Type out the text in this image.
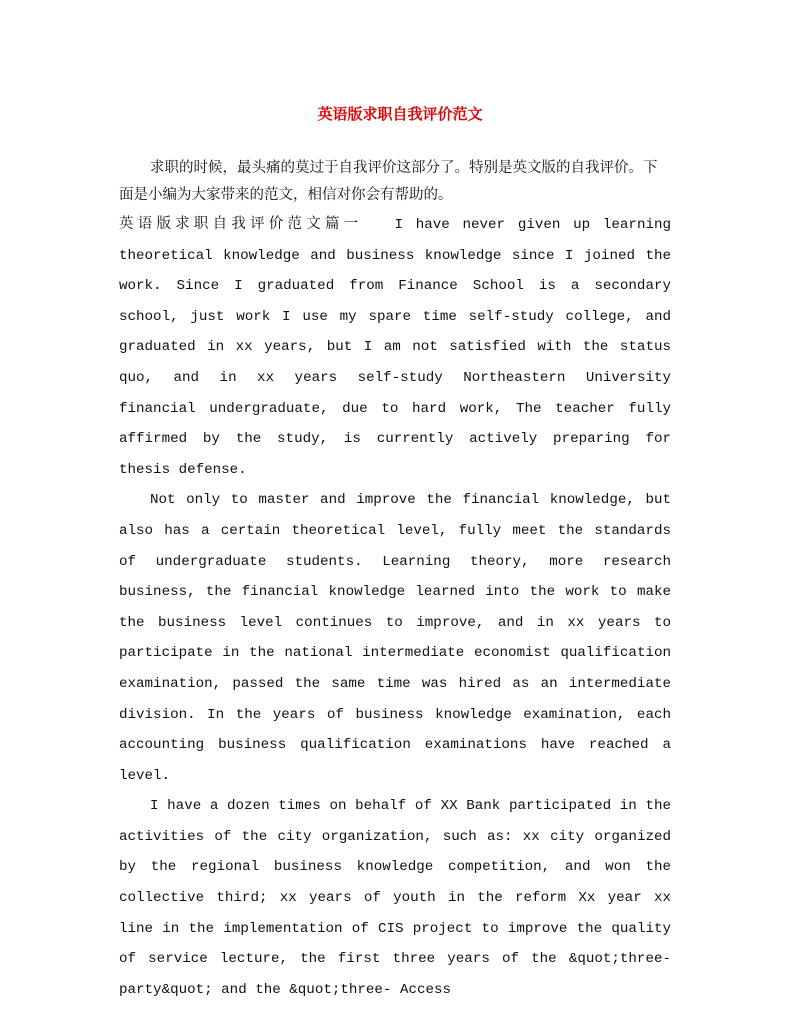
英语版求职自我评价范文

求职的时候，最头痛的莫过于自我评价这部分了。特别是英文版的自我评价。下面是小编为大家带来的范文，相信对你会有帮助的。

英语版求职自我评价范文篇一 I have never given up learning theoretical knowledge and business knowledge since I joined the work. Since I graduated from Finance School is a secondary school, just work I use my spare time self-study college, and graduated in xx years, but I am not satisfied with the status quo, and in xx years self-study Northeastern University financial undergraduate, due to hard work, The teacher fully affirmed by the study, is currently actively preparing for thesis defense.

Not only to master and improve the financial knowledge, but also has a certain theoretical level, fully meet the standards of undergraduate students. Learning theory, more research business, the financial knowledge learned into the work to make the business level continues to improve, and in xx years to participate in the national intermediate economist qualification examination, passed the same time was hired as an intermediate division. In the years of business knowledge examination, each accounting business qualification examinations have reached a level.

I have a dozen times on behalf of XX Bank participated in the activities of the city organization, such as: xx city organized by the regional business knowledge competition, and won the collective third; xx years of youth in the reform Xx year xx line in the implementation of CIS project to improve the quality of service lecture, the first three years of the &quot;three-party&quot; and the &quot;three- Access
